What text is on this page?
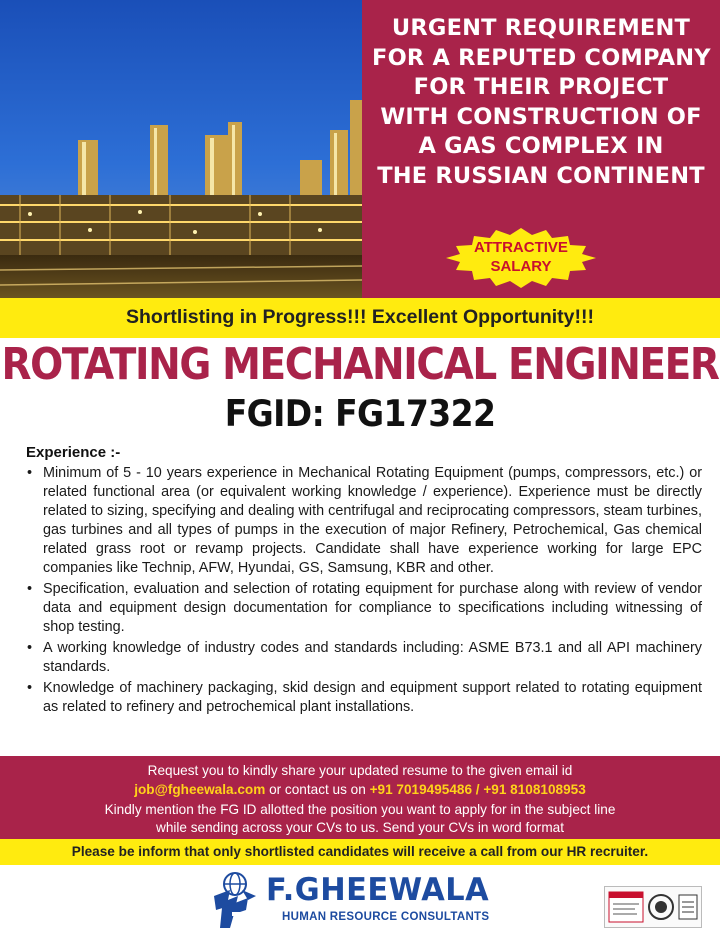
URGENT REQUIREMENT
FOR A REPUTED COMPANY
FOR THEIR PROJECT
WITH CONSTRUCTION OF
A GAS COMPLEX IN
THE RUSSIAN CONTINENT
ATTRACTIVE
SALARY
Shortlisting in Progress!!! Excellent Opportunity!!!
ROTATING MECHANICAL ENGINEER
FGID: FG17322
Experience :-
• Minimum of 5 - 10 years experience in Mechanical Rotating Equipment (pumps, compressors, etc.) or related functional area (or equivalent working knowledge / experience). Experience must be directly related to sizing, specifying and dealing with centrifugal and reciprocating compressors, steam turbines, gas turbines and all types of pumps in the execution of major Refinery, Petrochemical, Gas chemical related grass root or revamp projects. Candidate shall have experience working for large EPC companies like Technip, AFW, Hyundai, GS, Samsung, KBR and other.
• Specification, evaluation and selection of rotating equipment for purchase along with review of vendor data and equipment design documentation for compliance to specifications including witnessing of shop testing.
• A working knowledge of industry codes and standards including: ASME B73.1 and all API machinery standards.
• Knowledge of machinery packaging, skid design and equipment support related to rotating equipment as related to refinery and petrochemical plant installations.
Request you to kindly share your updated resume to the given email id
job@fgheewala.com or contact us on +91 7019495486 / +91 8108108953
Kindly mention the FG ID allotted the position you want to apply for in the subject line
while sending across your CVs to us. Send your CVs in word format
Please be inform that only shortlisted candidates will receive a call from our HR recruiter.
F.GHEEWALA
HUMAN RESOURCE CONSULTANTS
